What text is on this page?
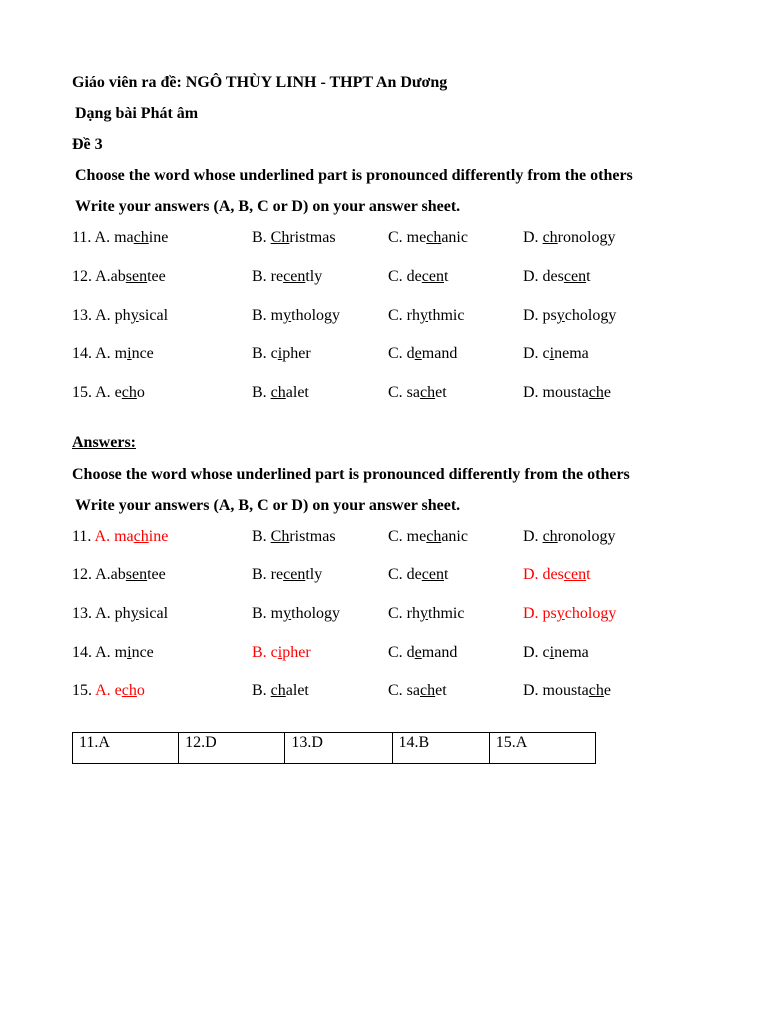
Giáo viên ra đề: NGÔ THÙY LINH - THPT An Dương
Dạng bài Phát âm
Đề 3
Choose the word whose underlined part is pronounced differently from the others
Write your answers (A, B, C or D) on your answer sheet.
11. A. machine	B. Christmas	C. mechanic	D. chronology
12. A.absentee	B. recently	C. decent	D. descent
13. A. physical	B. mythology	C. rhythmic	D. psychology
14. A. mince	B. cipher	C. demand	D. cinema
15. A. echo	B. chalet	C. sachet	D. moustache
Answers:
Choose the word whose underlined part is pronounced differently from the others
Write your answers (A, B, C or D) on your answer sheet.
11. A. machine	B. Christmas	C. mechanic	D. chronology
12. A.absentee	B. recently	C. decent	D. descent
13. A. physical	B. mythology	C. rhythmic	D. psychology
14. A. mince	B. cipher	C. demand	D. cinema
15. A. echo	B. chalet	C. sachet	D. moustache
11.A	12.D	13.D	14.B	15.A
